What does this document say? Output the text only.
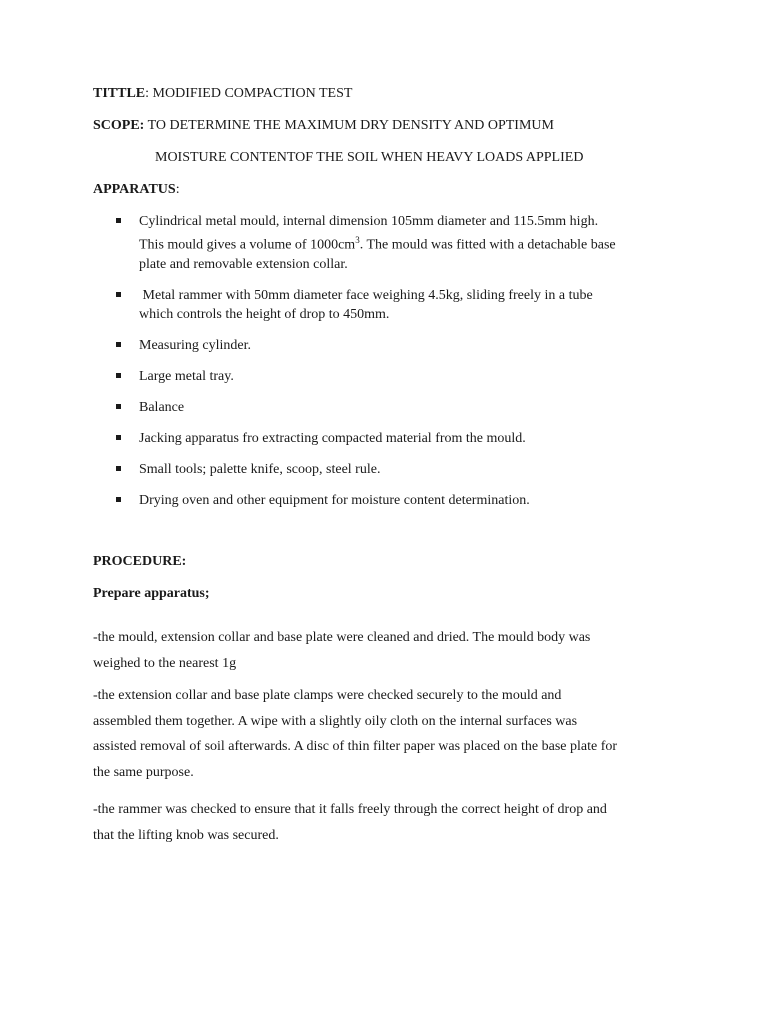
TITTLE: MODIFIED COMPACTION TEST
SCOPE: TO DETERMINE THE MAXIMUM DRY DENSITY AND OPTIMUM
MOISTURE CONTENTOF THE SOIL WHEN HEAVY LOADS APPLIED
APPARATUS:
Cylindrical metal mould, internal dimension 105mm diameter and 115.5mm high.
This mould gives a volume of $1000cm^3$. The mould was fitted with a detachable base
plate and removable extension collar.
Metal rammer with 50mm diameter face weighing 4.5kg, sliding freely in a tube
which controls the height of drop to 450mm.
Measuring cylinder.
Large metal tray.
Balance
Jacking apparatus fro extracting compacted material from the mould.
Small tools; palette knife, scoop, steel rule.
Drying oven and other equipment for moisture content determination.
PROCEDURE:
Prepare apparatus;
-the mould, extension collar and base plate were cleaned and dried. The mould body was
weighed to the nearest 1g
-the extension collar and base plate clamps were checked securely to the mould and
assembled them together. A wipe with a slightly oily cloth on the internal surfaces was
assisted removal of soil afterwards. A disc of thin filter paper was placed on the base plate for
the same purpose.
-the rammer was checked to ensure that it falls freely through the correct height of drop and
that the lifting knob was secured.
